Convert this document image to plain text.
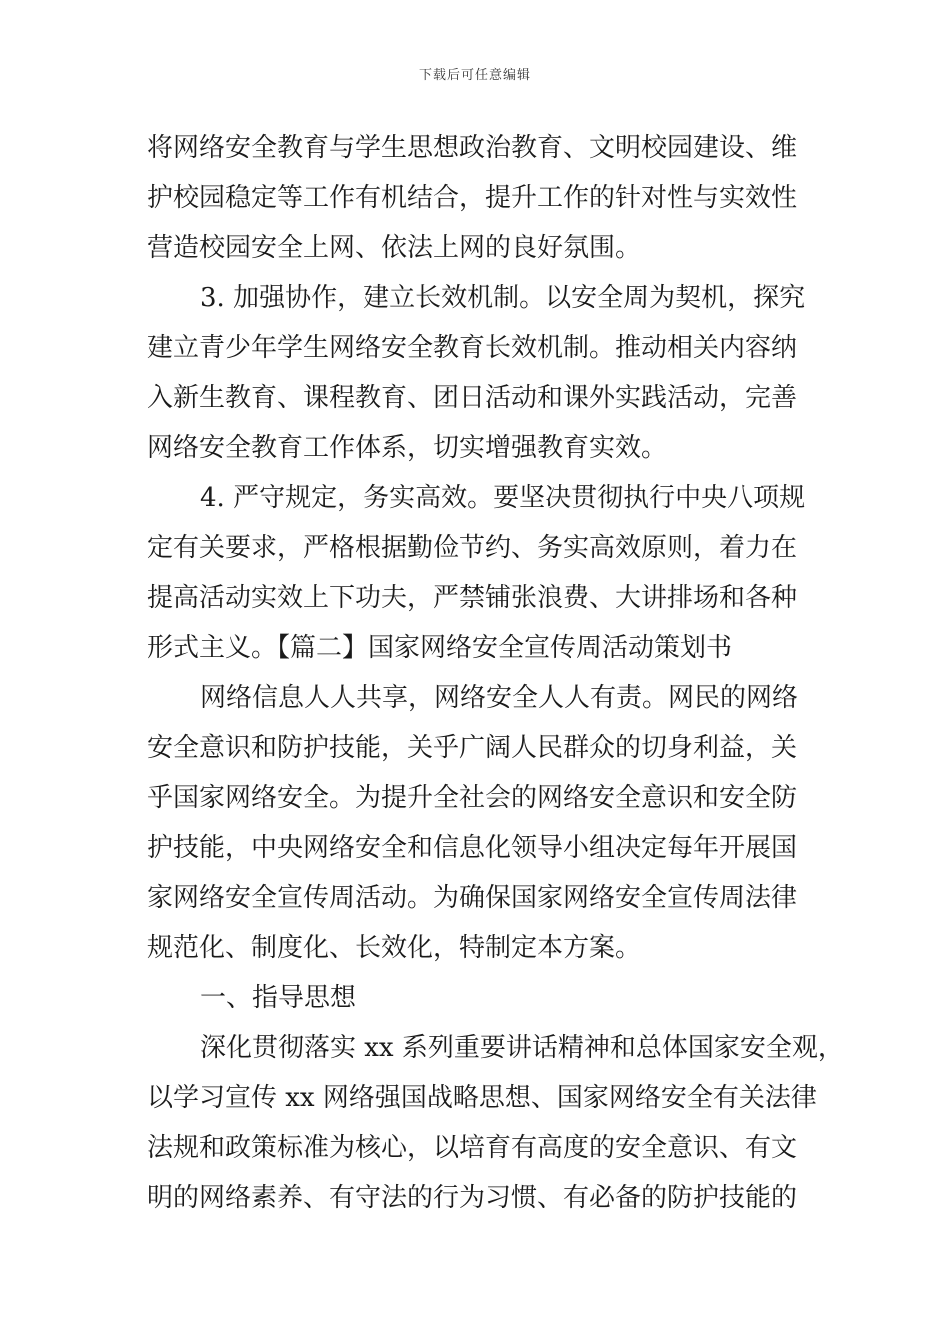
下载后可任意编辑
将网络安全教育与学生思想政治教育、文明校园建设、维
护校园稳定等工作有机结合，提升工作的针对性与实效性
营造校园安全上网、依法上网的良好氛围。
3. 加强协作，建立长效机制。以安全周为契机，探究
建立青少年学生网络安全教育长效机制。推动相关内容纳
入新生教育、课程教育、团日活动和课外实践活动，完善
网络安全教育工作体系，切实增强教育实效。
4. 严守规定，务实高效。要坚决贯彻执行中央八项规
定有关要求，严格根据勤俭节约、务实高效原则，着力在
提高活动实效上下功夫，严禁铺张浪费、大讲排场和各种
形式主义。【篇二】国家网络安全宣传周活动策划书
网络信息人人共享，网络安全人人有责。网民的网络
安全意识和防护技能，关乎广阔人民群众的切身利益，关
乎国家网络安全。为提升全社会的网络安全意识和安全防
护技能，中央网络安全和信息化领导小组决定每年开展国
家网络安全宣传周活动。为确保国家网络安全宣传周法律
规范化、制度化、长效化，特制定本方案。
一、指导思想
深化贯彻落实 xx 系列重要讲话精神和总体国家安全观，
以学习宣传 xx 网络强国战略思想、国家网络安全有关法律
法规和政策标准为核心，以培育有高度的安全意识、有文
明的网络素养、有守法的行为习惯、有必备的防护技能的
